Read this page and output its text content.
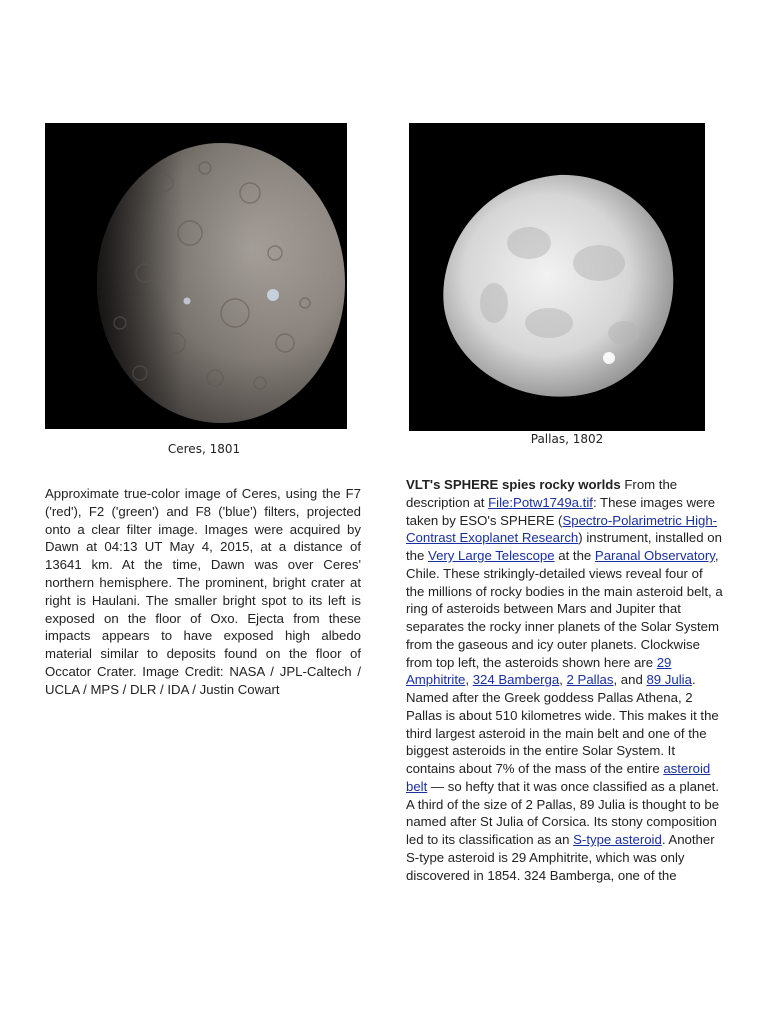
Ceres, 1801
Pallas, 1802

Approximate true-color image of Ceres, using the F7 ('red'), F2 ('green') and F8 ('blue') filters, projected onto a clear filter image. Images were acquired by Dawn at 04:13 UT May 4, 2015, at a distance of 13641 km. At the time, Dawn was over Ceres' northern hemisphere. The prominent, bright crater at right is Haulani. The smaller bright spot to its left is exposed on the floor of Oxo. Ejecta from these impacts appears to have exposed high albedo material similar to deposits found on the floor of Occator Crater. Image Credit: NASA / JPL-Caltech / UCLA / MPS / DLR / IDA / Justin Cowart

VLT's SPHERE spies rocky worlds From the description at File:Potw1749a.tif: These images were taken by ESO's SPHERE (Spectro-Polarimetric High-Contrast Exoplanet Research) instrument, installed on the Very Large Telescope at the Paranal Observatory, Chile. These strikingly-detailed views reveal four of the millions of rocky bodies in the main asteroid belt, a ring of asteroids between Mars and Jupiter that separates the rocky inner planets of the Solar System from the gaseous and icy outer planets. Clockwise from top left, the asteroids shown here are 29 Amphitrite, 324 Bamberga, 2 Pallas, and 89 Julia. Named after the Greek goddess Pallas Athena, 2 Pallas is about 510 kilometres wide. This makes it the third largest asteroid in the main belt and one of the biggest asteroids in the entire Solar System. It contains about 7% of the mass of the entire asteroid belt — so hefty that it was once classified as a planet. A third of the size of 2 Pallas, 89 Julia is thought to be named after St Julia of Corsica. Its stony composition led to its classification as an S-type asteroid. Another S-type asteroid is 29 Amphitrite, which was only discovered in 1854. 324 Bamberga, one of the
